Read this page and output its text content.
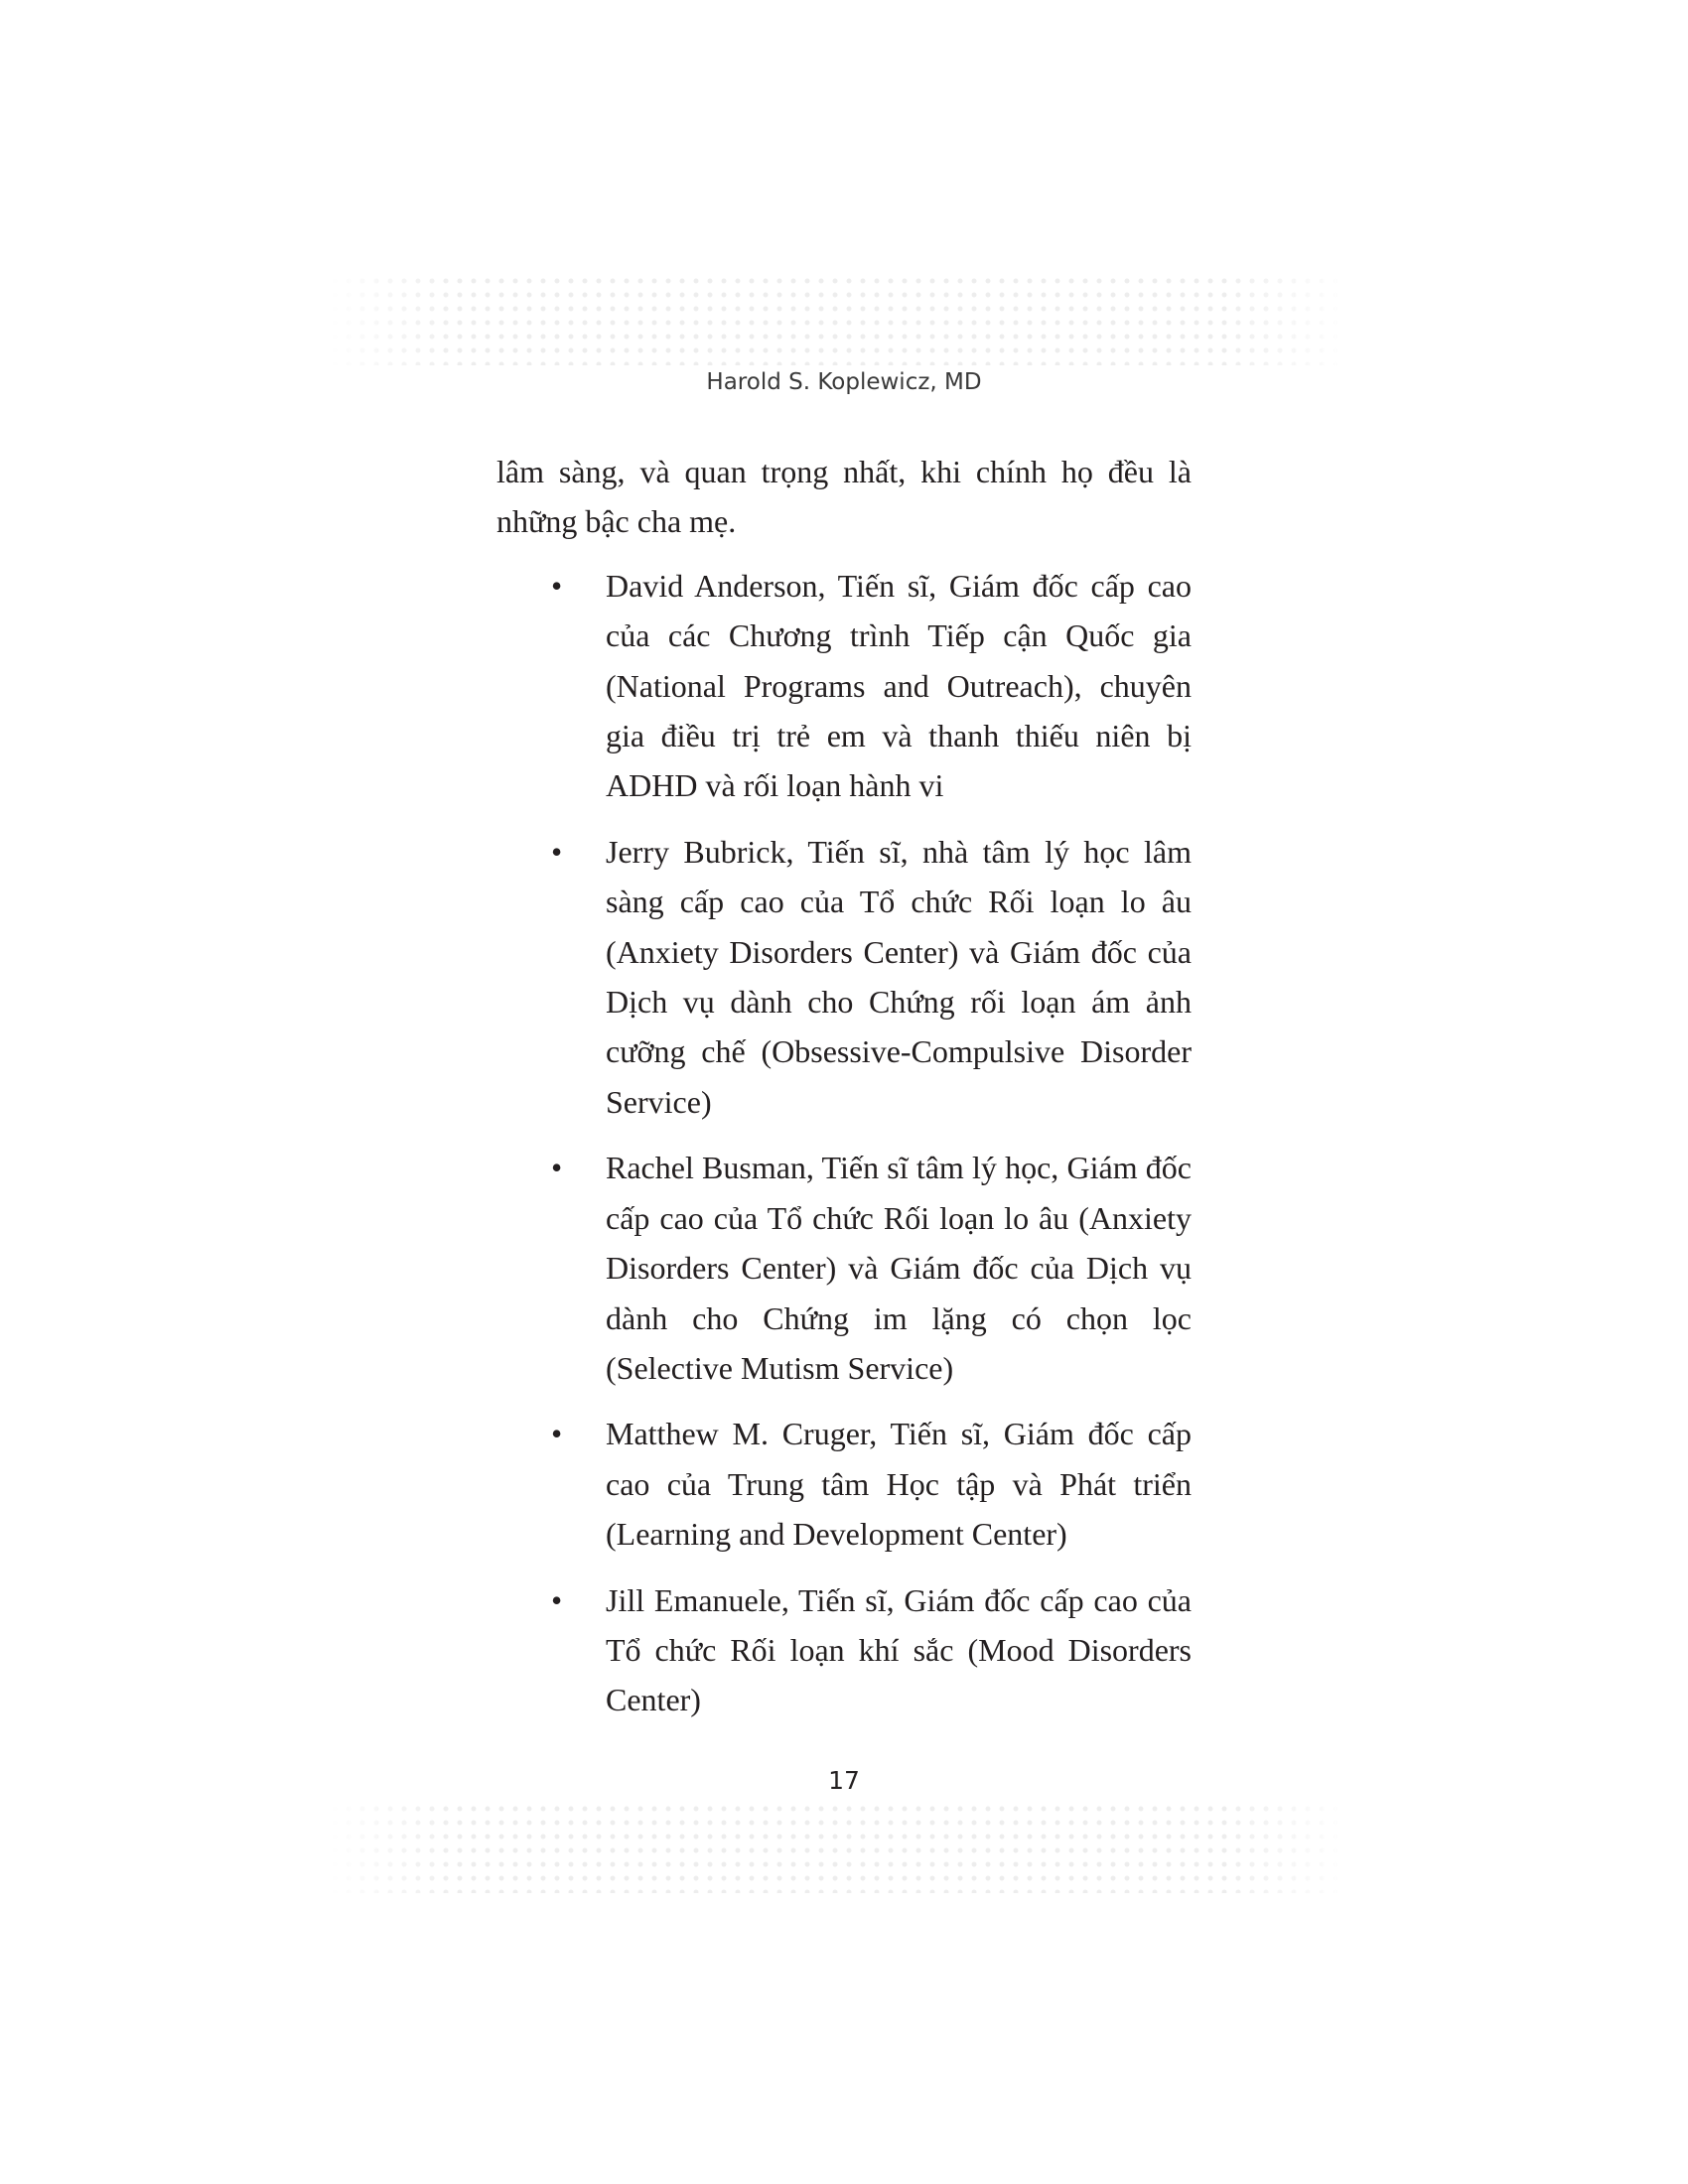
Harold S. Koplewicz, MD

lâm sàng, và quan trọng nhất, khi chính họ đều là những bậc cha mẹ.

•	David Anderson, Tiến sĩ, Giám đốc cấp cao của các Chương trình Tiếp cận Quốc gia (National Programs and Outreach), chuyên gia điều trị trẻ em và thanh thiếu niên bị ADHD và rối loạn hành vi
•	Jerry Bubrick, Tiến sĩ, nhà tâm lý học lâm sàng cấp cao của Tổ chức Rối loạn lo âu (Anxiety Disorders Center) và Giám đốc của Dịch vụ dành cho Chứng rối loạn ám ảnh cưỡng chế (Obsessive-Compulsive Disorder Service)
•	Rachel Busman, Tiến sĩ tâm lý học, Giám đốc cấp cao của Tổ chức Rối loạn lo âu (Anxiety Disorders Center) và Giám đốc của Dịch vụ dành cho Chứng im lặng có chọn lọc (Selective Mutism Service)
•	Matthew M. Cruger, Tiến sĩ, Giám đốc cấp cao của Trung tâm Học tập và Phát triển (Learning and Development Center)
•	Jill Emanuele, Tiến sĩ, Giám đốc cấp cao của Tổ chức Rối loạn khí sắc (Mood Disorders Center)
17
